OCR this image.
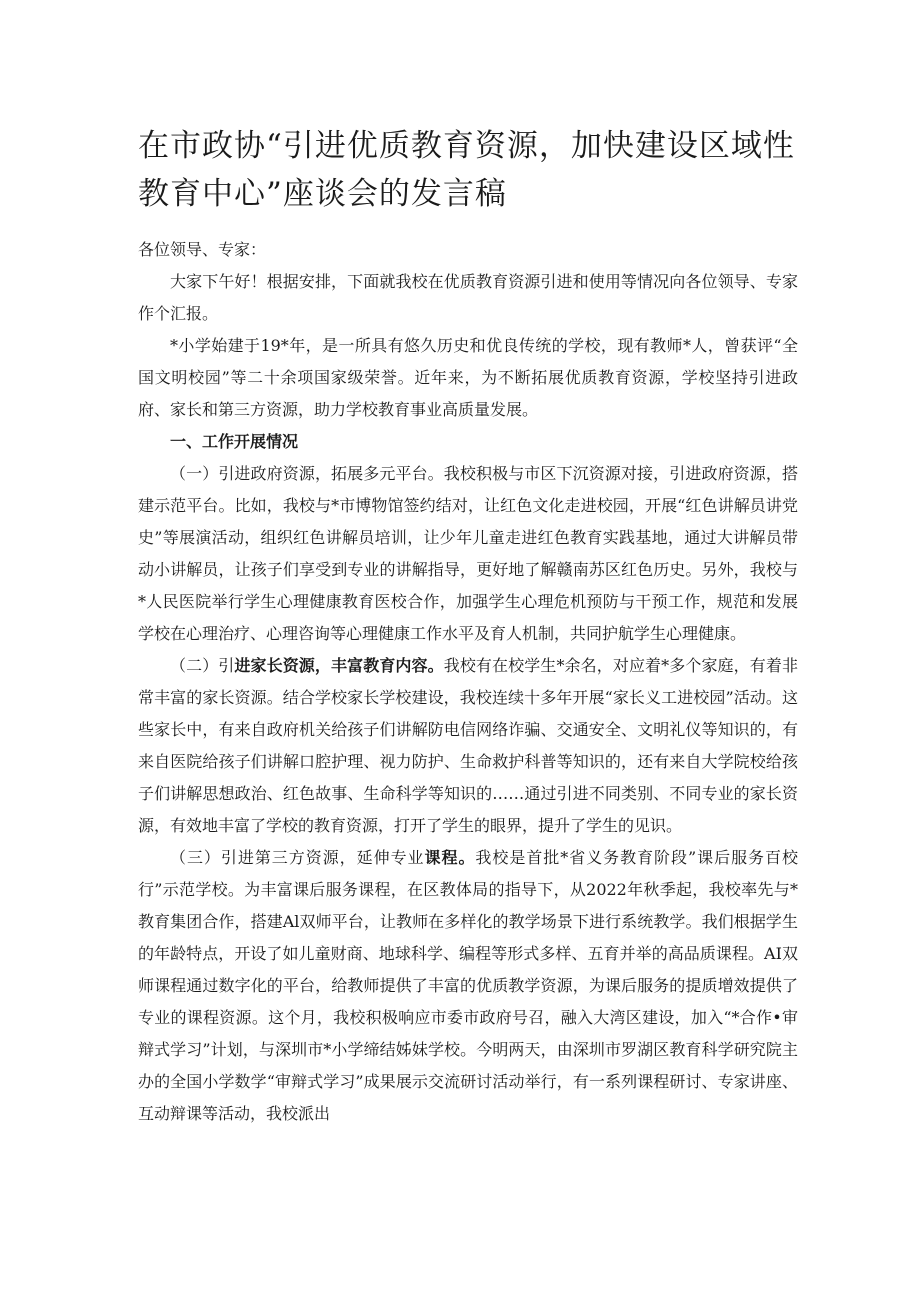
在市政协“引进优质教育资源，加快建设区域性教育中心”座谈会的发言稿

各位领导、专家：

大家下午好！根据安排，下面就我校在优质教育资源引进和使用等情况向各位领导、专家作个汇报。

*小学始建于19*年，是一所具有悠久历史和优良传统的学校，现有教师*人，曾获评“全国文明校园”等二十余项国家级荣誉。近年来，为不断拓展优质教育资源，学校坚持引进政府、家长和第三方资源，助力学校教育事业高质量发展。

一、工作开展情况

（一）引进政府资源，拓展多元平台。我校积极与市区下沉资源对接，引进政府资源，搭建示范平台。比如，我校与*市博物馆签约结对，让红色文化走进校园，开展“红色讲解员讲党史”等展演活动，组织红色讲解员培训，让少年儿童走进红色教育实践基地，通过大讲解员带动小讲解员，让孩子们享受到专业的讲解指导，更好地了解赣南苏区红色历史。另外，我校与*人民医院举行学生心理健康教育医校合作，加强学生心理危机预防与干预工作，规范和发展学校在心理治疗、心理咨询等心理健康工作水平及育人机制，共同护航学生心理健康。

（二）引进家长资源，丰富教育内容。我校有在校学生*余名，对应着*多个家庭，有着非常丰富的家长资源。结合学校家长学校建设，我校连续十多年开展“家长义工进校园”活动。这些家长中，有来自政府机关给孩子们讲解防电信网络诈骗、交通安全、文明礼仪等知识的，有来自医院给孩子们讲解口腔护理、视力防护、生命救护科普等知识的，还有来自大学院校给孩子们讲解思想政治、红色故事、生命科学等知识的……通过引进不同类别、不同专业的家长资源，有效地丰富了学校的教育资源，打开了学生的眼界，提升了学生的见识。

（三）引进第三方资源，延伸专业课程。我校是首批*省义务教育阶段”课后服务百校行”示范学校。为丰富课后服务课程，在区教体局的指导下，从2022年秋季起，我校率先与*教育集团合作，搭建Al双师平台，让教师在多样化的教学场景下进行系统教学。我们根据学生的年龄特点，开设了如儿童财商、地球科学、编程等形式多样、五育并举的高品质课程。AI双师课程通过数字化的平台，给教师提供了丰富的优质教学资源，为课后服务的提质增效提供了专业的课程资源。这个月，我校积极响应市委市政府号召，融入大湾区建设，加入“*合作•审辩式学习”计划，与深圳市*小学缔结姊妹学校。今明两天，由深圳市罗湖区教育科学研究院主办的全国小学数学“审辩式学习”成果展示交流研讨活动举行，有一系列课程研讨、专家讲座、互动辩课等活动，我校派出
